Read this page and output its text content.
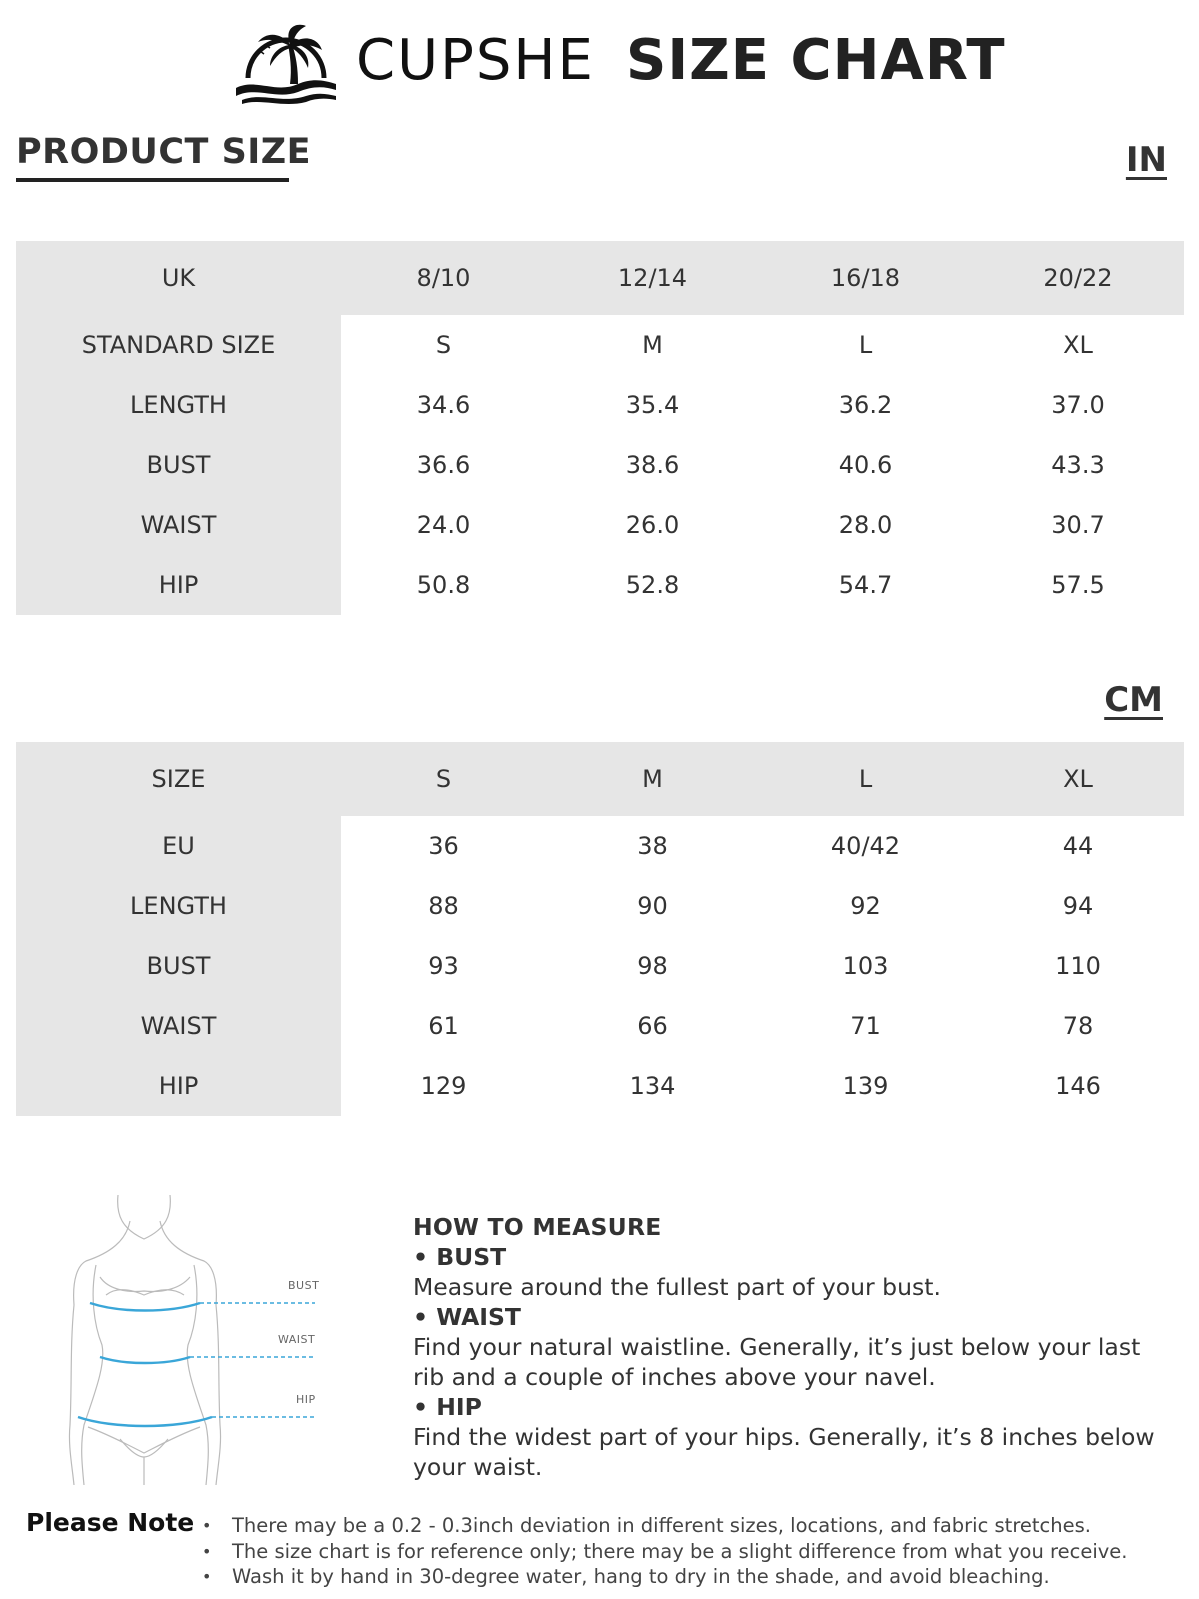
CUPSHE SIZE CHART
PRODUCT SIZE	IN
UK	8/10	12/14	16/18	20/22
STANDARD SIZE	S	M	L	XL
LENGTH	34.6	35.4	36.2	37.0
BUST	36.6	38.6	40.6	43.3
WAIST	24.0	26.0	28.0	30.7
HIP	50.8	52.8	54.7	57.5
CM
SIZE	S	M	L	XL
EU	36	38	40/42	44
LENGTH	88	90	92	94
BUST	93	98	103	110
WAIST	61	66	71	78
HIP	129	134	139	146
BUST
WAIST
HIP
HOW TO MEASURE
• BUST
Measure around the fullest part of your bust.
• WAIST
Find your natural waistline. Generally, it’s just below your last rib and a couple of inches above your navel.
• HIP
Find the widest part of your hips. Generally, it’s 8 inches below your waist.
Please Note
•	There may be a 0.2 - 0.3inch deviation in different sizes, locations, and fabric stretches.
• The size chart is for reference only; there may be a slight difference from what you receive.
• Wash it by hand in 30-degree water, hang to dry in the shade, and avoid bleaching.
